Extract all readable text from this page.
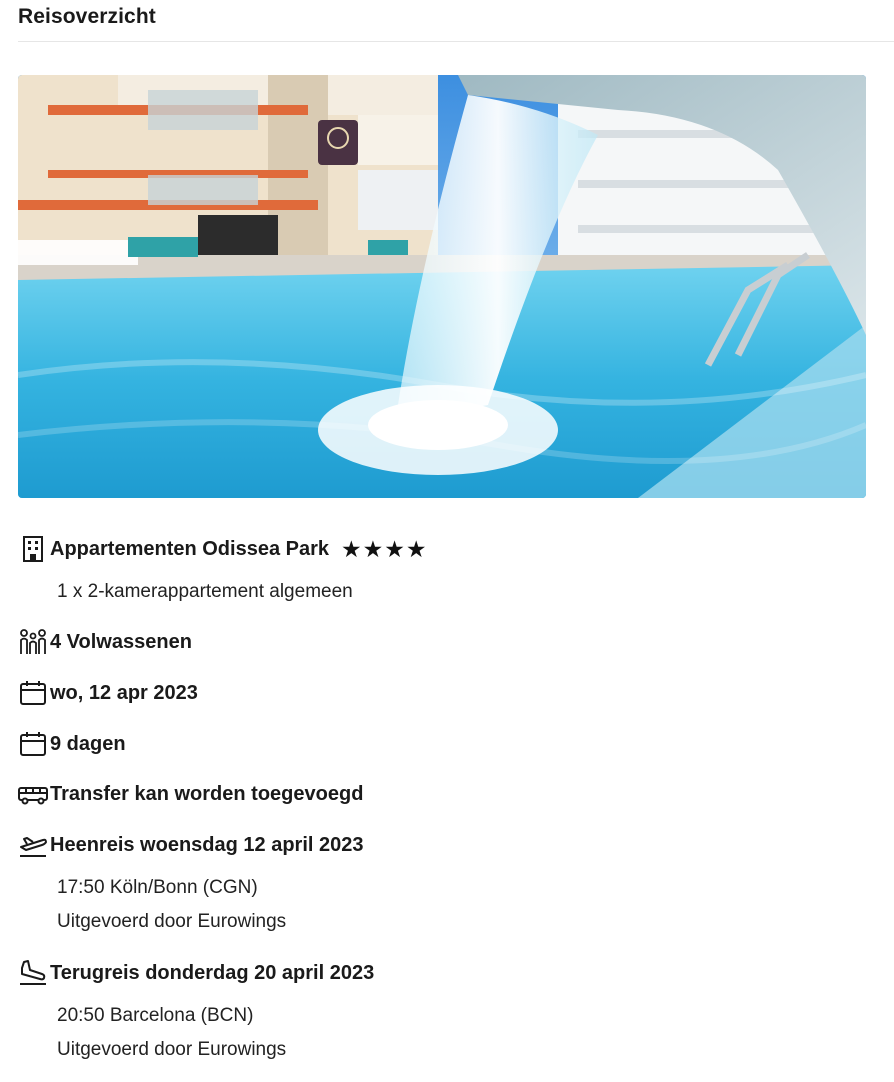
Reisoverzicht
Appartementen Odissea Park ★ ★ ★ ★
1 x 2-kamerappartement algemeen
4 Volwassenen
wo, 12 apr 2023
9 dagen
Transfer kan worden toegevoegd
Heenreis woensdag 12 april 2023
17:50 Köln/Bonn (CGN)
Uitgevoerd door Eurowings
Terugreis donderdag 20 april 2023
20:50 Barcelona (BCN)
Uitgevoerd door Eurowings
